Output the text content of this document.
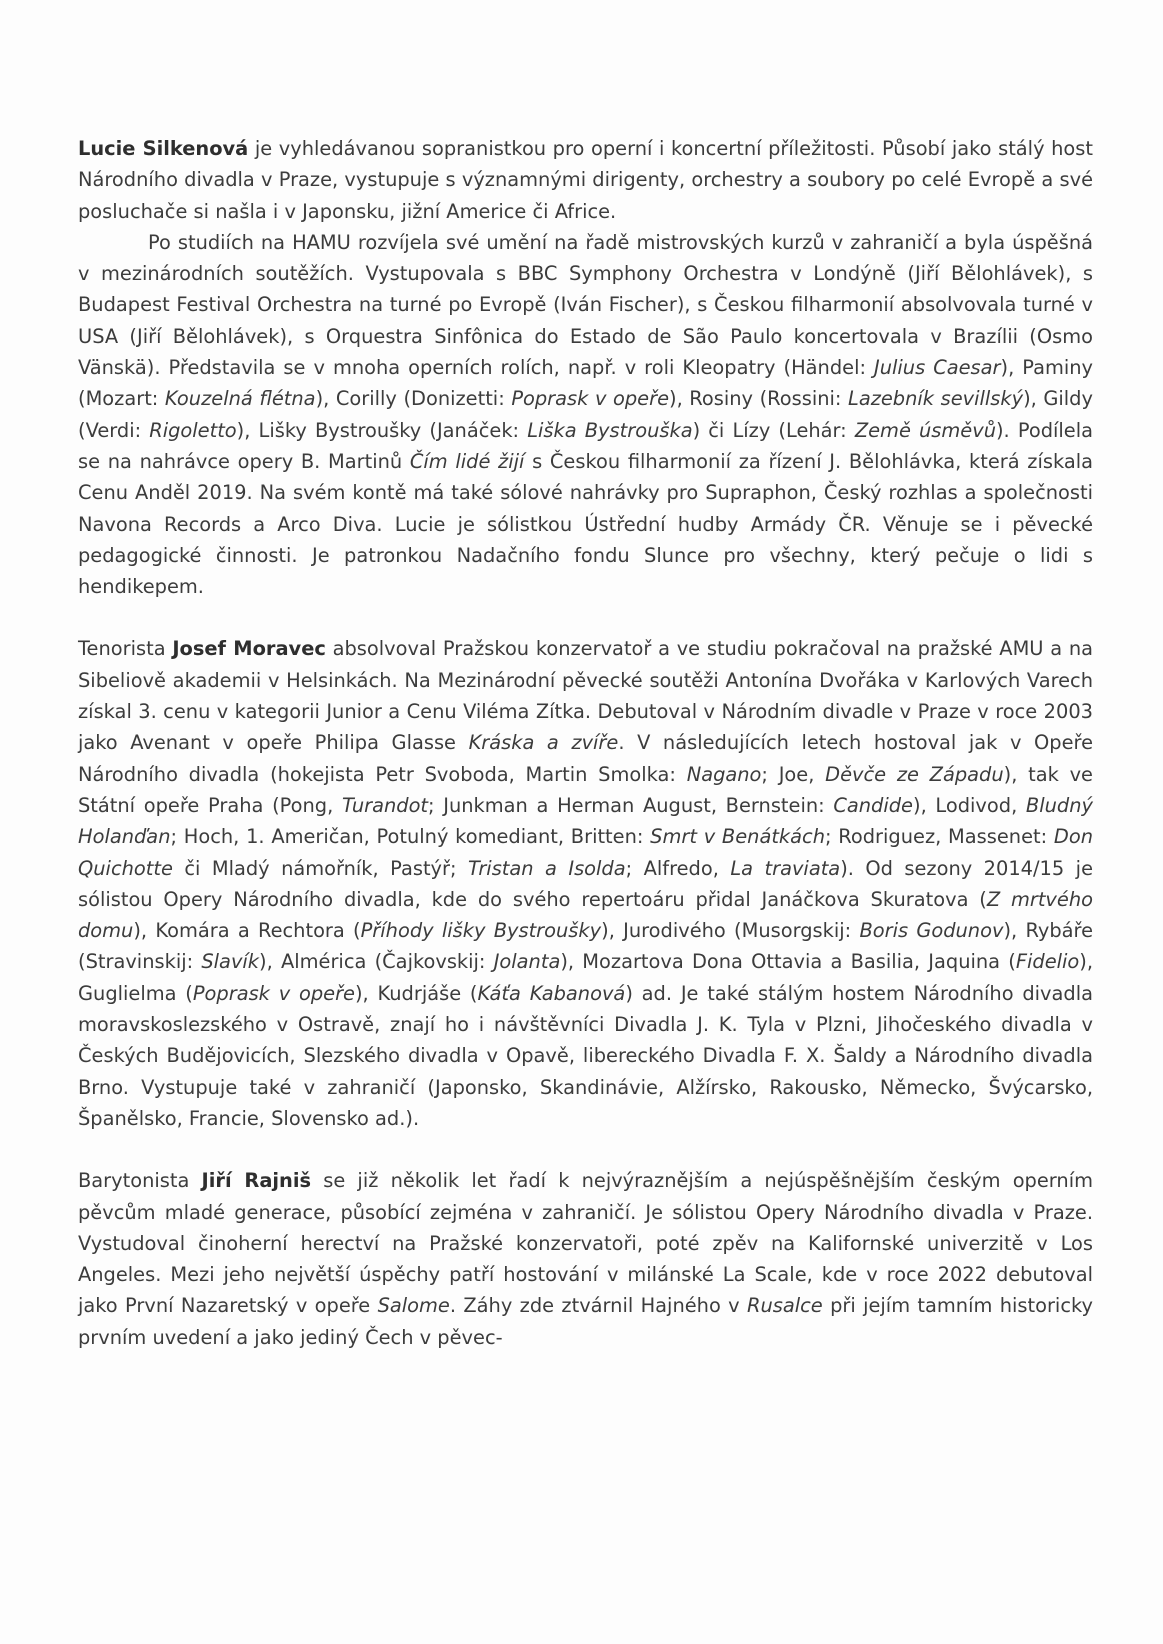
Lucie Silkenová je vyhledávanou sopranistkou pro operní i koncertní příležitosti. Působí jako stálý host Národního divadla v Praze, vystupuje s významnými dirigenty, orchestry a soubory po celé Evropě a své posluchače si našla i v Japonsku, jižní Americe či Africe.

Po studiích na HAMU rozvíjela své umění na řadě mistrovských kurzů v zahraničí a byla úspěšná v mezinárodních soutěžích. Vystupovala s BBC Symphony Orchestra v Londýně (Jiří Bělohlávek), s Budapest Festival Orchestra na turné po Evropě (Iván Fischer), s Českou filharmonií absolvovala turné v USA (Jiří Bělohlávek), s Orquestra Sinfônica do Estado de São Paulo koncertovala v Brazílii (Osmo Vänskä). Představila se v mnoha operních rolích, např. v roli Kleopatry (Händel: Julius Caesar), Paminy (Mozart: Kouzelná flétna), Corilly (Donizetti: Poprask v opeře), Rosiny (Rossini: Lazebník sevillský), Gildy (Verdi: Rigoletto), Lišky Bystroušky (Janáček: Liška Bystrouška) či Lízy (Lehár: Země úsměvů). Podílela se na nahrávce opery B. Martinů Čím lidé žijí s Českou filharmonií za řízení J. Bělohlávka, která získala Cenu Anděl 2019. Na svém kontě má také sólové nahrávky pro Supraphon, Český rozhlas a společnosti Navona Records a Arco Diva. Lucie je sólistkou Ústřední hudby Armády ČR. Věnuje se i pěvecké pedagogické činnosti. Je patronkou Nadačního fondu Slunce pro všechny, který pečuje o lidi s hendikepem.

Tenorista Josef Moravec absolvoval Pražskou konzervatoř a ve studiu pokračoval na pražské AMU a na Sibeliově akademii v Helsinkách. Na Mezinárodní pěvecké soutěži Antonína Dvořáka v Karlových Varech získal 3. cenu v kategorii Junior a Cenu Viléma Zítka. Debutoval v Národním divadle v Praze v roce 2003 jako Avenant v opeře Philipa Glasse Kráska a zvíře. V následujících letech hostoval jak v Opeře Národního divadla (hokejista Petr Svoboda, Martin Smolka: Nagano; Joe, Děvče ze Západu), tak ve Státní opeře Praha (Pong, Turandot; Junkman a Herman August, Bernstein: Candide), Lodivod, Bludný Holanďan; Hoch, 1. Američan, Potulný komediant, Britten: Smrt v Benátkách; Rodriguez, Massenet: Don Quichotte či Mladý námořník, Pastýř; Tristan a Isolda; Alfredo, La traviata). Od sezony 2014/15 je sólistou Opery Národního divadla, kde do svého repertoáru přidal Janáčkova Skuratova (Z mrtvého domu), Komára a Rechtora (Příhody lišky Bystroušky), Jurodivého (Musorgskij: Boris Godunov), Rybáře (Stravinskij: Slavík), Almérica (Čajkovskij: Jolanta), Mozartova Dona Ottavia a Basilia, Jaquina (Fidelio), Guglielma (Poprask v opeře), Kudrjáše (Káťa Kabanová) ad. Je také stálým hostem Národního divadla moravskoslezského v Ostravě, znají ho i návštěvníci Divadla J. K. Tyla v Plzni, Jihočeského divadla v Českých Budějovicích, Slezského divadla v Opavě, libereckého Divadla F. X. Šaldy a Národního divadla Brno. Vystupuje také v zahraničí (Japonsko, Skandinávie, Alžírsko, Rakousko, Německo, Švýcarsko, Španělsko, Francie, Slovensko ad.).

Barytonista Jiří Rajniš se již několik let řadí k nejvýraznějším a nejúspěšnějším českým operním pěvcům mladé generace, působící zejména v zahraničí. Je sólistou Opery Národního divadla v Praze. Vystudoval činoherní herectví na Pražské konzervatoři, poté zpěv na Kalifornské univerzitě v Los Angeles. Mezi jeho největší úspěchy patří hostování v milánské La Scale, kde v roce 2022 debutoval jako První Nazaretský v opeře Salome. Záhy zde ztvárnil Hajného v Rusalce při jejím tamním historicky prvním uvedení a jako jediný Čech v pěvec-
